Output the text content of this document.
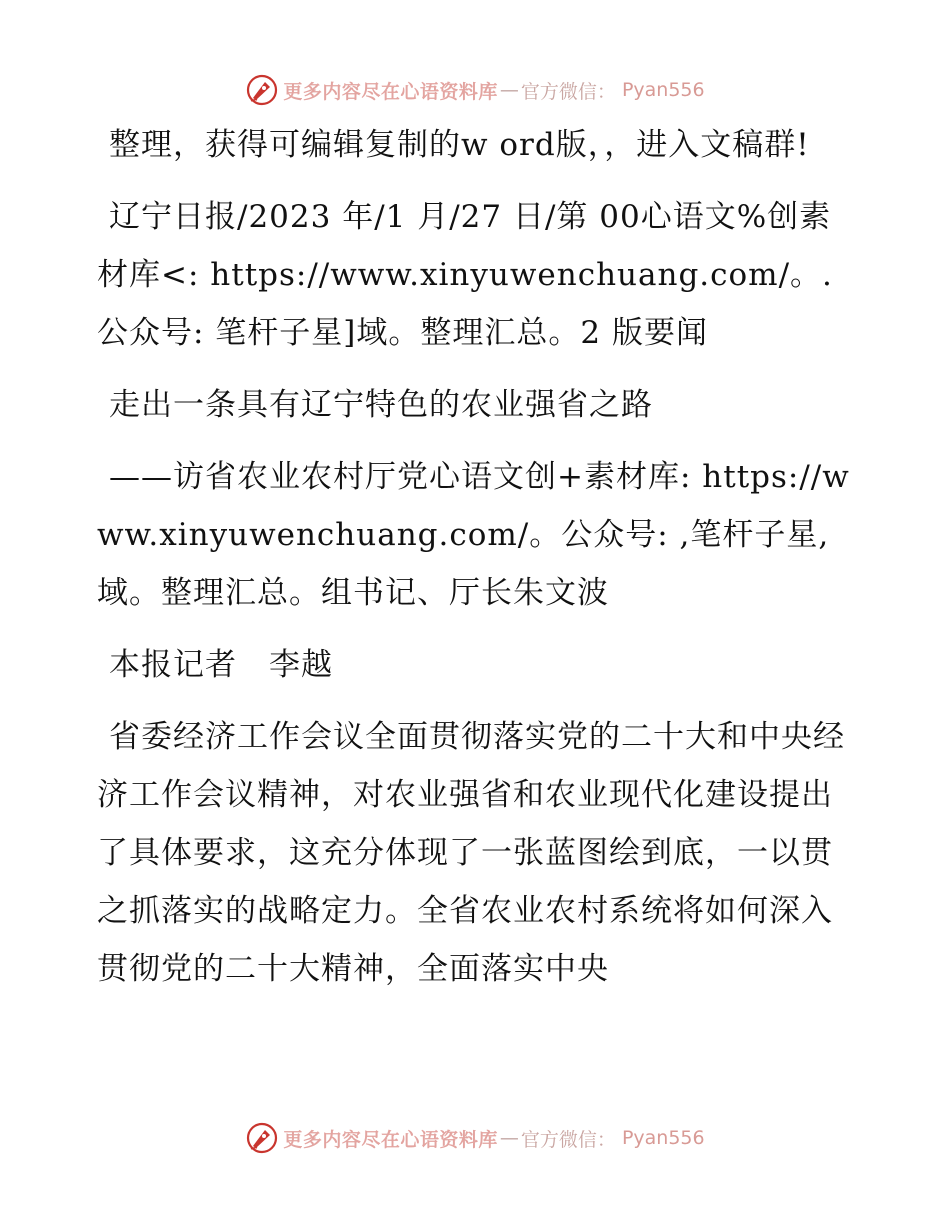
更多内容尽在心语资料库 — 官方微信： Pyan556

整理，获得可编辑复制的w ord版，，进入文稿群!

辽宁日报/2023 年/1 月/27 日/第 00心语文%创素材库<: https://www.xinyuwenchuang.com/。. 公众号: 笔杆子星]域。整理汇总。2 版要闻

走出一条具有辽宁特色的农业强省之路

——访省农业农村厅党心语文创+素材库: https://www.xinyuwenchuang.com/。公众号: ,笔杆子星,域。整理汇总。组书记、厅长朱文波

本报记者　李越

省委经济工作会议全面贯彻落实党的二十大和中央经济工作会议精神，对农业强省和农业现代化建设提出了具体要求，这充分体现了一张蓝图绘到底，一以贯之抓落实的战略定力。全省农业农村系统将如何深入贯彻党的二十大精神，全面落实中央

更多内容尽在心语资料库 — 官方微信： Pyan556
